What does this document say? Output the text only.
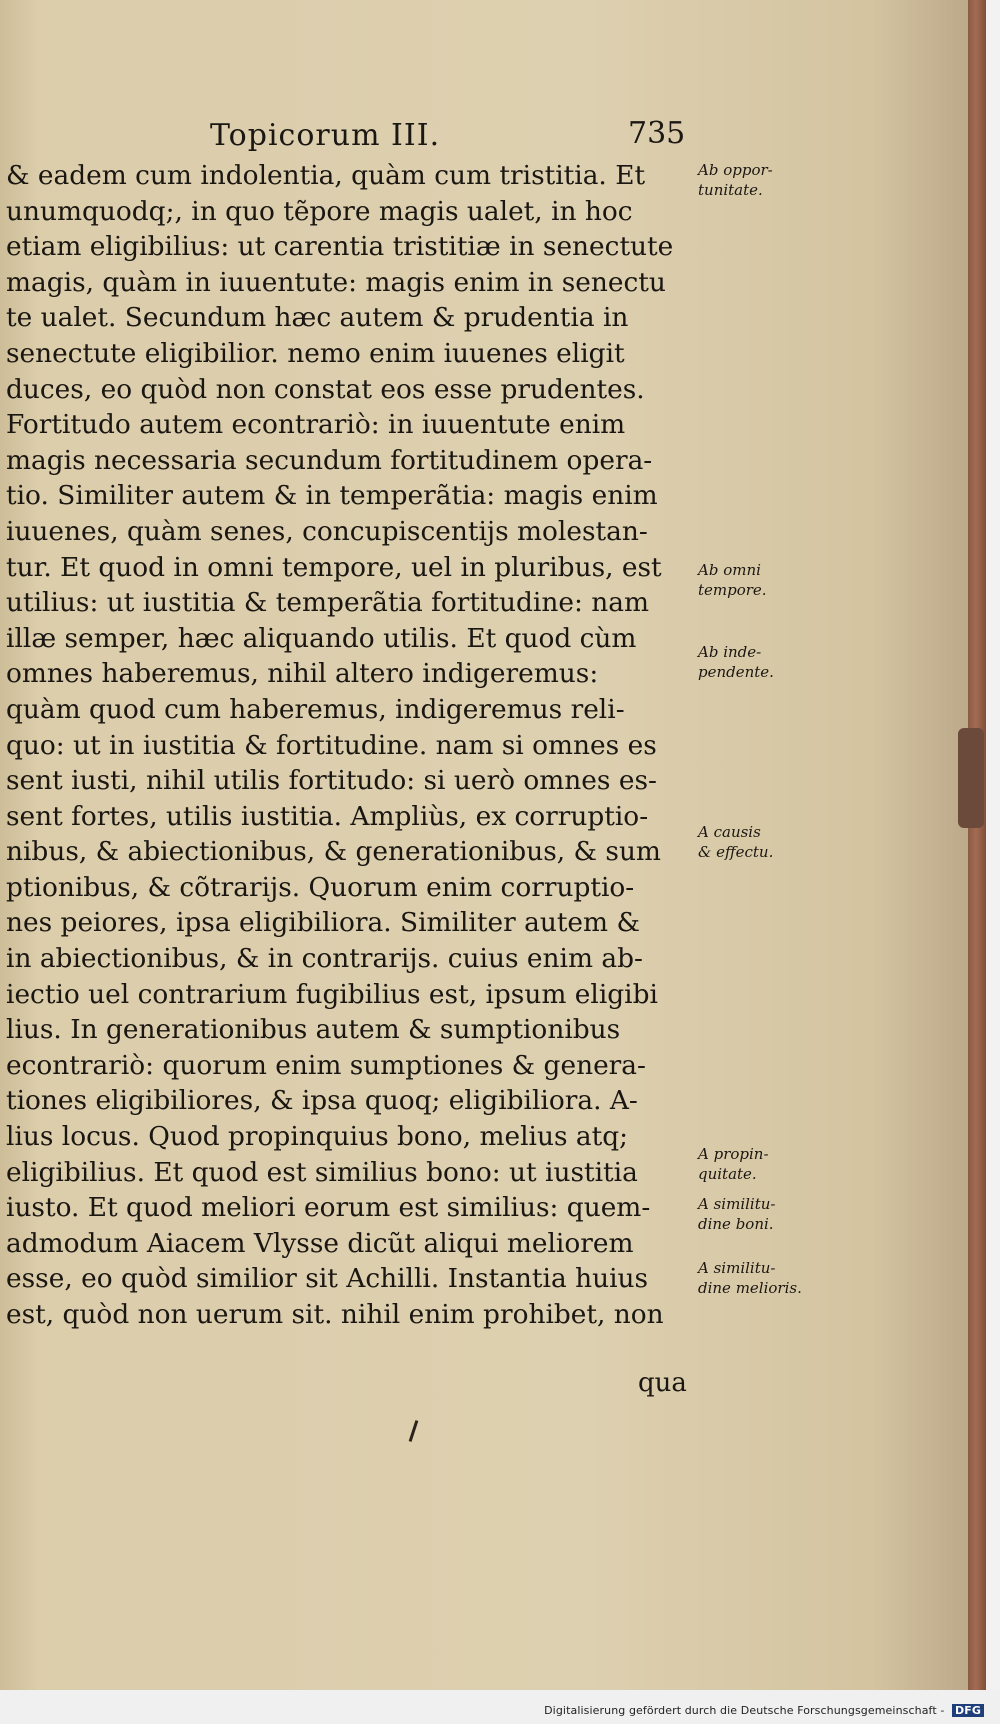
Topicorum III.	735
& eadem cum indolentia, quàm cum tristitia. Et
unumquodq;, in quo tẽpore magis ualet, in hoc
etiam eligibilius: ut carentia tristitiæ in senectute
magis, quàm in iuuentute: magis enim in senectu
te ualet. Secundum hæc autem & prudentia in
senectute eligibilior. nemo enim iuuenes eligit
duces, eo quòd non constat eos esse prudentes.
Fortitudo autem econtrariò: in iuuentute enim
magis necessaria secundum fortitudinem opera-
tio. Similiter autem & in temperãtia: magis enim
iuuenes, quàm senes, concupiscentijs molestan-
tur. Et quod in omni tempore, uel in pluribus, est
utilius: ut iustitia & temperãtia fortitudine: nam
illæ semper, hæc aliquando utilis. Et quod cùm
omnes haberemus, nihil altero indigeremus:
quàm quod cum haberemus, indigeremus reli-
quo: ut in iustitia & fortitudine. nam si omnes es
sent iusti, nihil utilis fortitudo: si uerò omnes es-
sent fortes, utilis iustitia. Ampliùs, ex corruptio-
nibus, & abiectionibus, & generationibus, & sum
ptionibus, & cõtrarijs. Quorum enim corruptio-
nes peiores, ipsa eligibiliora. Similiter autem &
in abiectionibus, & in contrarijs. cuius enim ab-
iectio uel contrarium fugibilius est, ipsum eligibi
lius. In generationibus autem & sumptionibus
econtrariò: quorum enim sumptiones & genera-
tiones eligibiliores, & ipsa quoq; eligibiliora. A-
lius locus. Quod propinquius bono, melius atq;
eligibilius. Et quod est similius bono: ut iustitia
iusto. Et quod meliori eorum est similius: quem-
admodum Aiacem Vlysse dicũt aliqui meliorem
esse, eo quòd similior sit Achilli. Instantia huius
est, quòd non uerum sit. nihil enim prohibet, non
qua
Ab oppor-
tunitate.
Ab omni
tempore.
Ab inde-
pendente.
A causis
& effectu.
A propin-
quitate.
A similitu-
dine boni.
A similitu-
dine melioris.
Digitalisierung gefördert durch die Deutsche Forschungsgemeinschaft - DFG
